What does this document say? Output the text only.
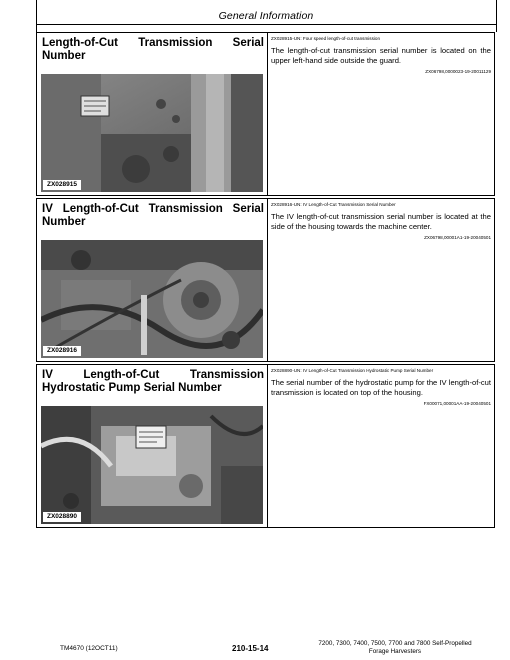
General Information
Length-of-Cut Transmission Serial Number
ZX028915
ZX028915-UN: Four speed length-of-cut transmission
The length-of-cut transmission serial number is located on the upper left-hand side outside the guard.
ZX06798,0000023-19-20011129
IV Length-of-Cut Transmission Serial Number
ZX028916
ZX028916-UN: IV Length-of-Cut Transmission Serial Number
The IV length-of-cut transmission serial number is located at the side of the housing towards the machine center.
ZX06798,00001A1-19-20040501
IV Length-of-Cut Transmission Hydrostatic Pump Serial Number
ZX028890
ZX028890-UN: IV Length-of-Cut Transmission Hydrostatic Pump Serial Number
The serial number of the hydrostatic pump for the IV length-of-cut transmission is located on top of the housing.
FX00071,00001AA-19-20040501
TM4670 (12OCT11)	210-15-14
7200, 7300, 7400, 7500, 7700 and 7800 Self-Propelled
Forage Harvesters
